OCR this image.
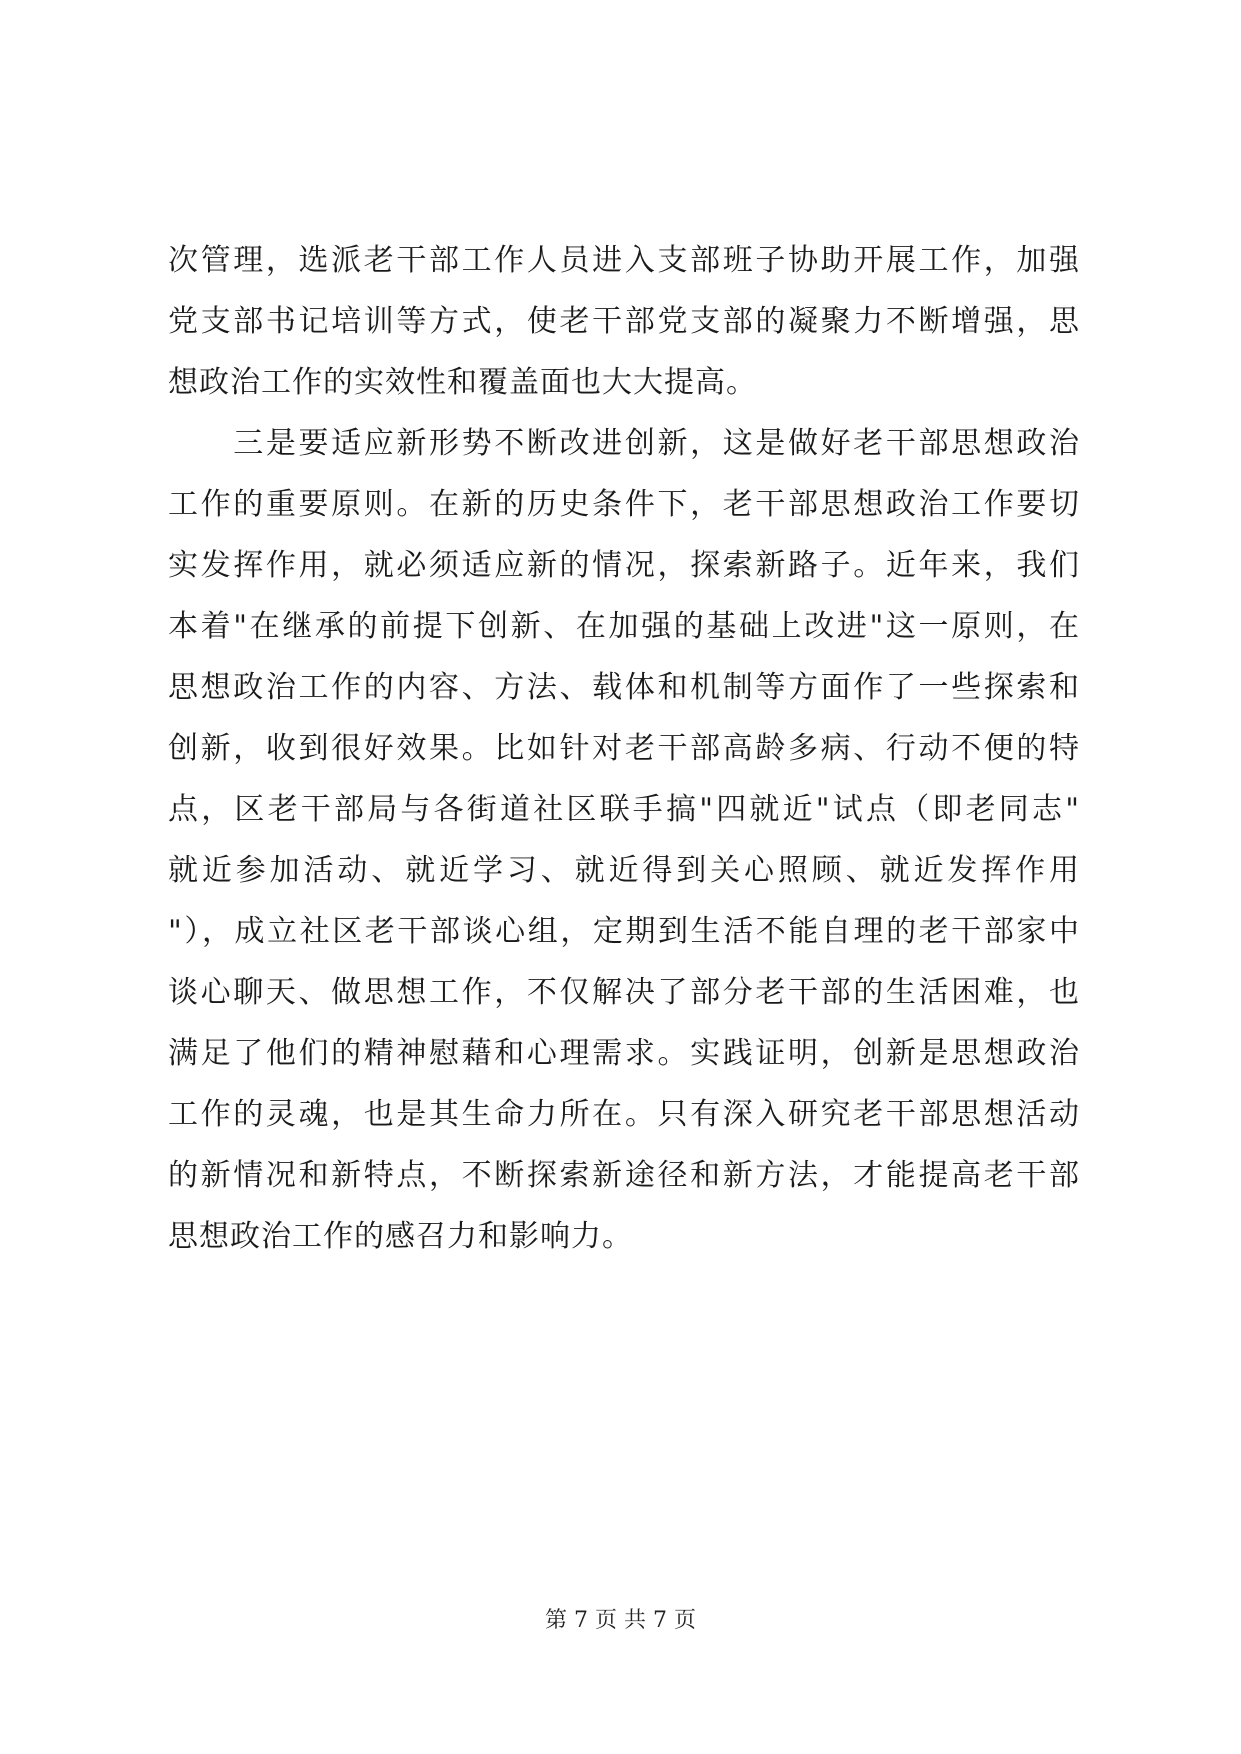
次管理，选派老干部工作人员进入支部班子协助开展工作，加强
党支部书记培训等方式，使老干部党支部的凝聚力不断增强，思
想政治工作的实效性和覆盖面也大大提高。
　　三是要适应新形势不断改进创新，这是做好老干部思想政治
工作的重要原则。在新的历史条件下，老干部思想政治工作要切
实发挥作用，就必须适应新的情况，探索新路子。近年来，我们
本着"在继承的前提下创新、在加强的基础上改进"这一原则，在
思想政治工作的内容、方法、载体和机制等方面作了一些探索和
创新，收到很好效果。比如针对老干部高龄多病、行动不便的特
点，区老干部局与各街道社区联手搞"四就近"试点（即老同志"
就近参加活动、就近学习、就近得到关心照顾、就近发挥作用
"），成立社区老干部谈心组，定期到生活不能自理的老干部家中
谈心聊天、做思想工作，不仅解决了部分老干部的生活困难，也
满足了他们的精神慰藉和心理需求。实践证明，创新是思想政治
工作的灵魂，也是其生命力所在。只有深入研究老干部思想活动
的新情况和新特点，不断探索新途径和新方法，才能提高老干部
思想政治工作的感召力和影响力。
第 7 页 共 7 页
